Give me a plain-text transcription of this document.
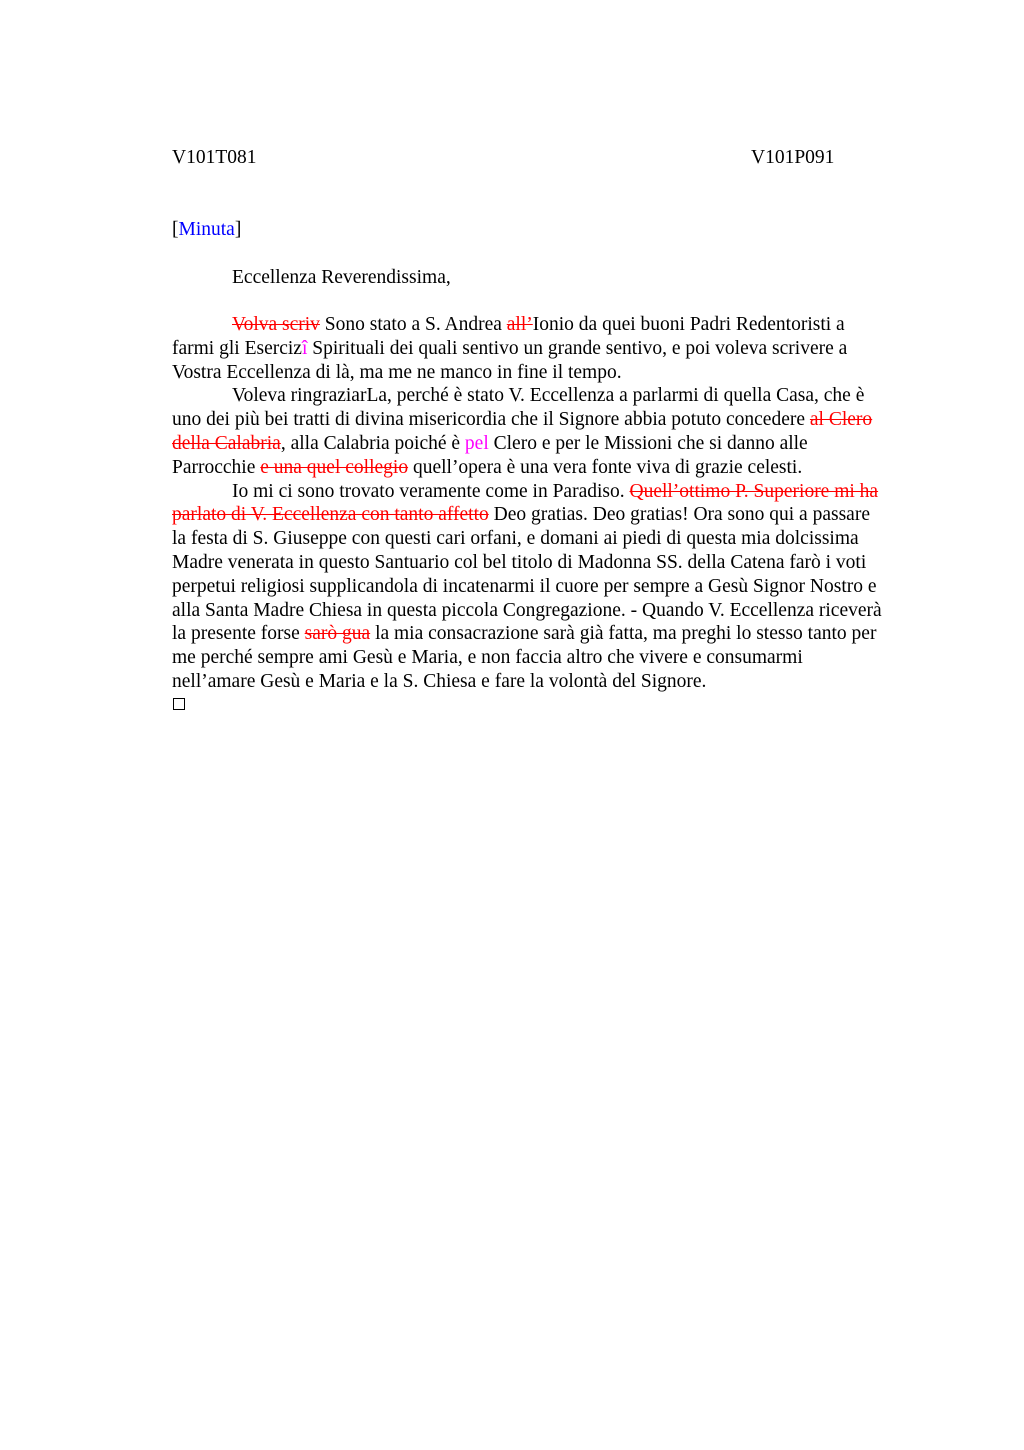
V101T081	V101P091
[Minuta]
Eccellenza Reverendissima,
Volva scriv Sono stato a S. Andrea all’Ionio da quei buoni Padri Redentoristi a
farmi gli Esercizî Spirituali dei quali sentivo un grande sentivo, e poi voleva scrivere a
Vostra Eccellenza di là, ma me ne manco in fine il tempo.
Voleva ringraziarLa, perché è stato V. Eccellenza a parlarmi di quella Casa, che è
uno dei più bei tratti di divina misericordia che il Signore abbia potuto concedere al Clero
della Calabria, alla Calabria poiché è pel Clero e per le Missioni che si danno alle
Parrocchie e una quel collegio quell’opera è una vera fonte viva di grazie celesti.
Io mi ci sono trovato veramente come in Paradiso. Quell’ottimo P. Superiore mi ha
parlato di V. Eccellenza con tanto affetto Deo gratias. Deo gratias! Ora sono qui a passare
la festa di S. Giuseppe con questi cari orfani, e domani ai piedi di questa mia dolcissima
Madre venerata in questo Santuario col bel titolo di Madonna SS. della Catena farò i voti
perpetui religiosi supplicandola di incatenarmi il cuore per sempre a Gesù Signor Nostro e
alla Santa Madre Chiesa in questa piccola Congregazione. - Quando V. Eccellenza riceverà
la presente forse sarò gua la mia consacrazione sarà già fatta, ma preghi lo stesso tanto per
me perché sempre ami Gesù e Maria, e non faccia altro che vivere e consumarmi
nell’amare Gesù e Maria e la S. Chiesa e fare la volontà del Signore.
